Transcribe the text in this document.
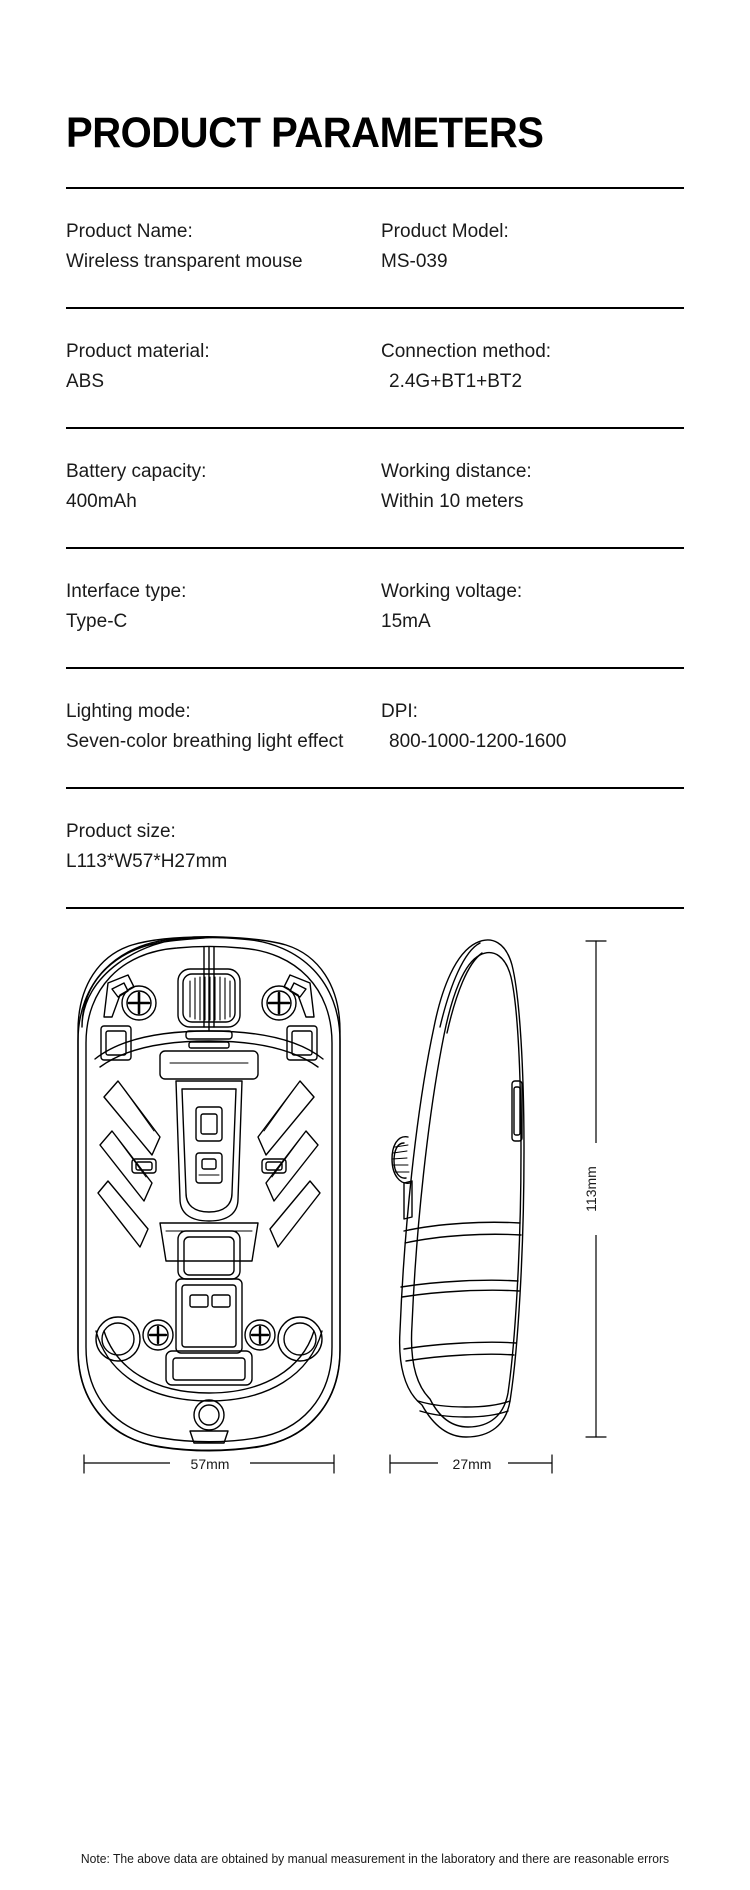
PRODUCT PARAMETERS
Product Name:
Wireless transparent mouse
Product Model:
MS-039
Product material:
ABS
Connection method:
2.4G+BT1+BT2
Battery capacity:
400mAh
Working distance:
Within 10 meters
Interface type:
Type-C
Working voltage:
15mA
Lighting mode:
Seven-color breathing light effect
DPI:
800-1000-1200-1600
Product size:
L113*W57*H27mm
113mm
57mm	27mm
Note: The above data are obtained by manual measurement in the laboratory and there are reasonable errors
